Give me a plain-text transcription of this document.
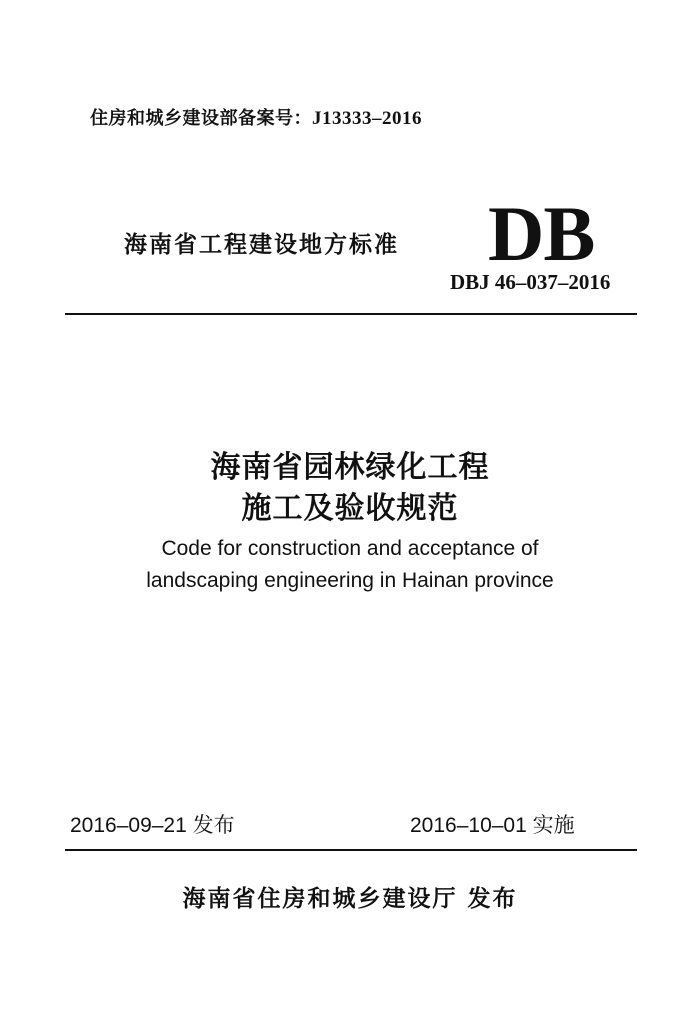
住房和城乡建设部备案号：J13333–2016
海南省工程建设地方标准 DB
DBJ 46–037–2016
海南省园林绿化工程
施工及验收规范
Code for construction and acceptance of
landscaping engineering in Hainan province
2016–09–21 发布	2016–10–01 实施
海南省住房和城乡建设厅 发布
